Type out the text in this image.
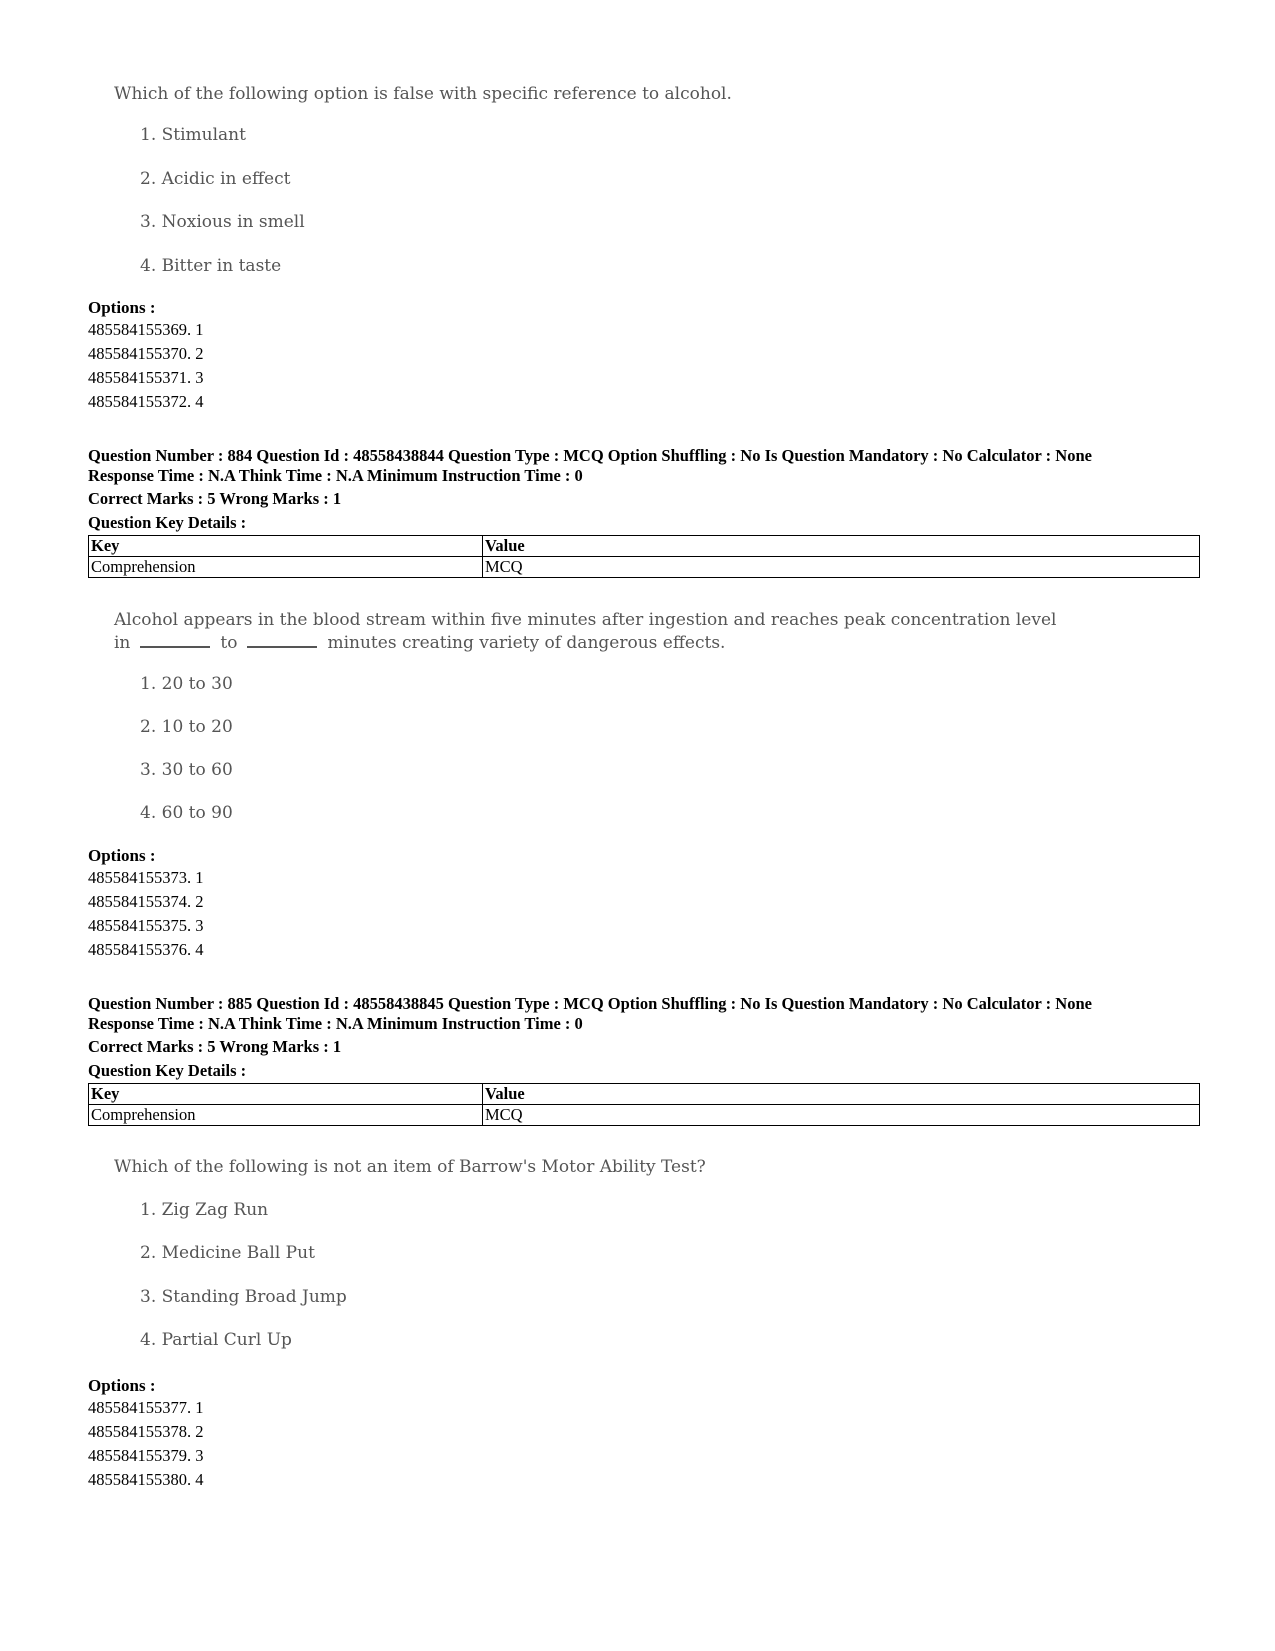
Which of the following option is false with specific reference to alcohol.
1. Stimulant
2. Acidic in effect
3. Noxious in smell
4. Bitter in taste
Options :
485584155369. 1
485584155370. 2
485584155371. 3
485584155372. 4
Question Number : 884 Question Id : 48558438844 Question Type : MCQ Option Shuffling : No Is Question Mandatory : No Calculator : None
Response Time : N.A Think Time : N.A Minimum Instruction Time : 0
Correct Marks : 5 Wrong Marks : 1
Question Key Details :
Key	Value
Comprehension	MCQ
Alcohol appears in the blood stream within five minutes after ingestion and reaches peak concentration level
in	to	minutes creating variety of dangerous effects.
1. 20 to 30
2. 10 to 20
3. 30 to 60
4. 60 to 90
Options :
485584155373. 1
485584155374. 2
485584155375. 3
485584155376. 4
Question Number : 885 Question Id : 48558438845 Question Type : MCQ Option Shuffling : No Is Question Mandatory : No Calculator : None
Response Time : N.A Think Time : N.A Minimum Instruction Time : 0
Correct Marks : 5 Wrong Marks : 1
Question Key Details :
Key	Value
Comprehension	MCQ
Which of the following is not an item of Barrow's Motor Ability Test?
1. Zig Zag Run
2. Medicine Ball Put
3. Standing Broad Jump
4. Partial Curl Up
Options :
485584155377. 1
485584155378. 2
485584155379. 3
485584155380. 4
